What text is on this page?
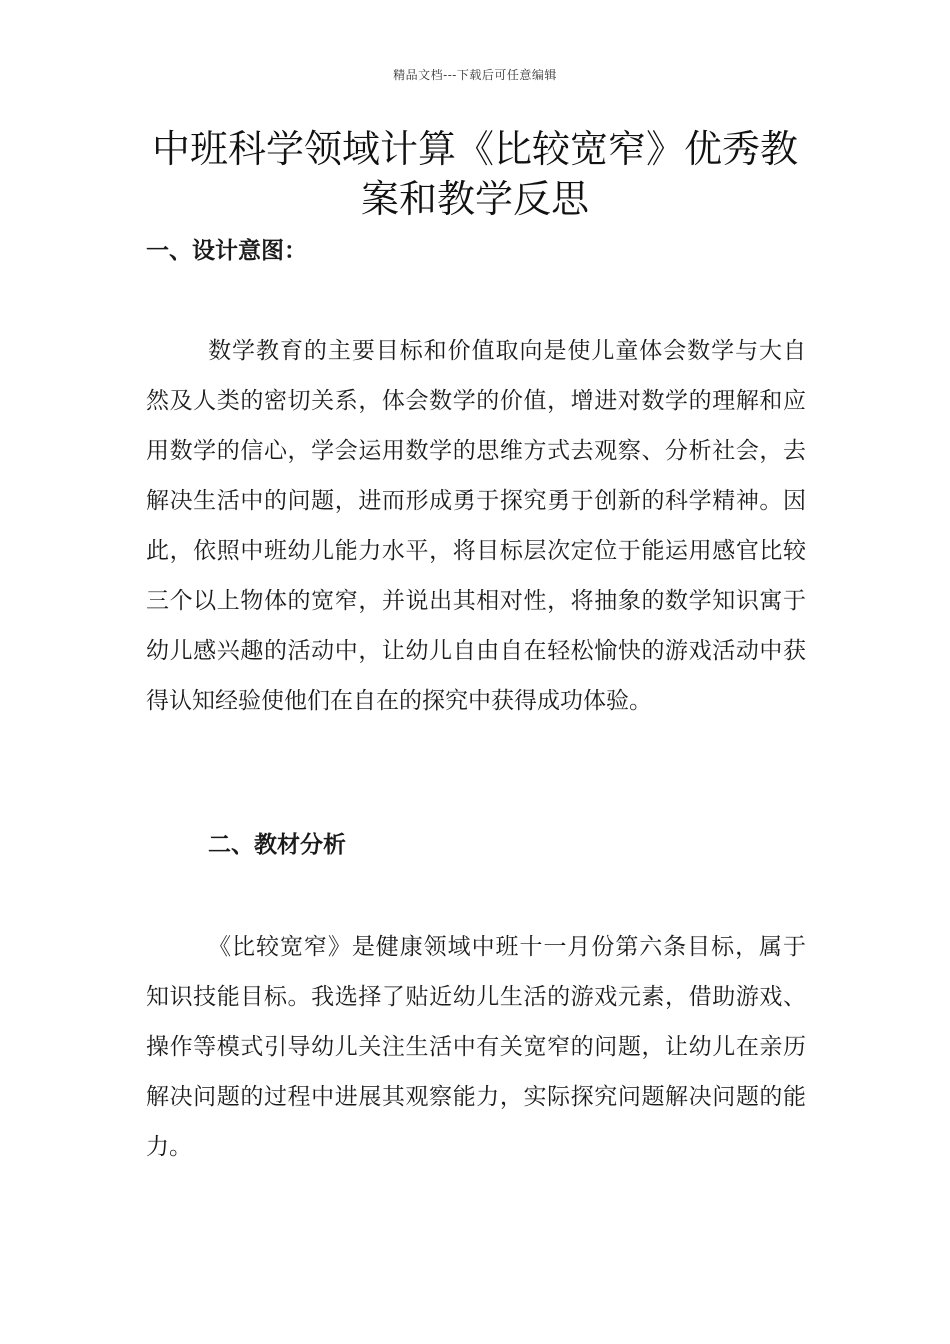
精品文档---下载后可任意编辑
中班科学领域计算《比较宽窄》优秀教案和教学反思
一、设计意图：

数学教育的主要目标和价值取向是使儿童体会数学与大自然及人类的密切关系，体会数学的价值，增进对数学的理解和应用数学的信心，学会运用数学的思维方式去观察、分析社会，去解决生活中的问题，进而形成勇于探究勇于创新的科学精神。因此，依照中班幼儿能力水平，将目标层次定位于能运用感官比较三个以上物体的宽窄，并说出其相对性，将抽象的数学知识寓于幼儿感兴趣的活动中，让幼儿自由自在轻松愉快的游戏活动中获得认知经验使他们在自在的探究中获得成功体验。

二、教材分析

《比较宽窄》是健康领域中班十一月份第六条目标，属于知识技能目标。我选择了贴近幼儿生活的游戏元素，借助游戏、操作等模式引导幼儿关注生活中有关宽窄的问题，让幼儿在亲历解决问题的过程中进展其观察能力，实际探究问题解决问题的能力。
